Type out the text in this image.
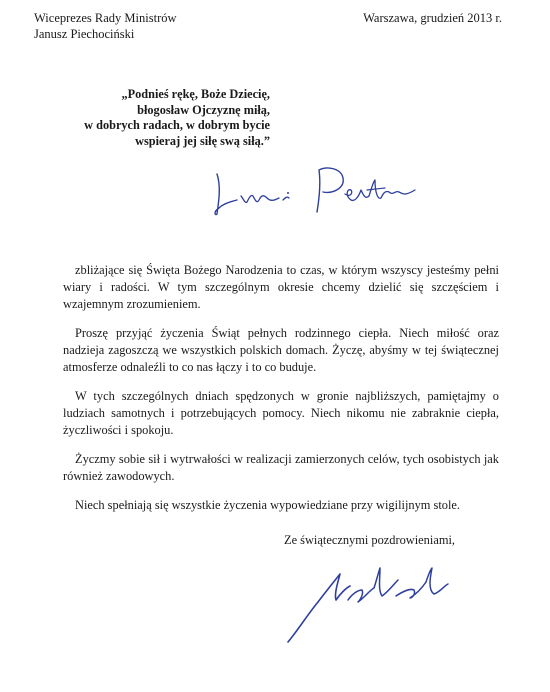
Wiceprezes Rady Ministrów
Janusz Piechociński
Warszawa, grudzień 2013 r.
„Podnieś rękę, Boże Dziecię,
błogosław Ojczyznę miłą,
w dobrych radach, w dobrym bycie
wspieraj jej siłę swą siłą.”

zbliżające się Święta Bożego Narodzenia to czas, w którym wszyscy jesteśmy pełni wiary i radości. W tym szczególnym okresie chcemy dzielić się szczęściem i wzajemnym zrozumieniem.

Proszę przyjąć życzenia Świąt pełnych rodzinnego ciepła. Niech miłość oraz nadzieja zagoszczą we wszystkich polskich domach. Życzę, abyśmy w tej świątecznej atmosferze odnaleźli to co nas łączy i to co buduje.

W tych szczególnych dniach spędzonych w gronie najbliższych, pamiętajmy o ludziach samotnych i potrzebujących pomocy. Niech nikomu nie zabraknie ciepła, życzliwości i spokoju.

Życzmy sobie sił i wytrwałości w realizacji zamierzonych celów, tych osobistych jak również zawodowych.

Niech spełniają się wszystkie życzenia wypowiedziane przy wigilijnym stole.

Ze świątecznymi pozdrowieniami,
